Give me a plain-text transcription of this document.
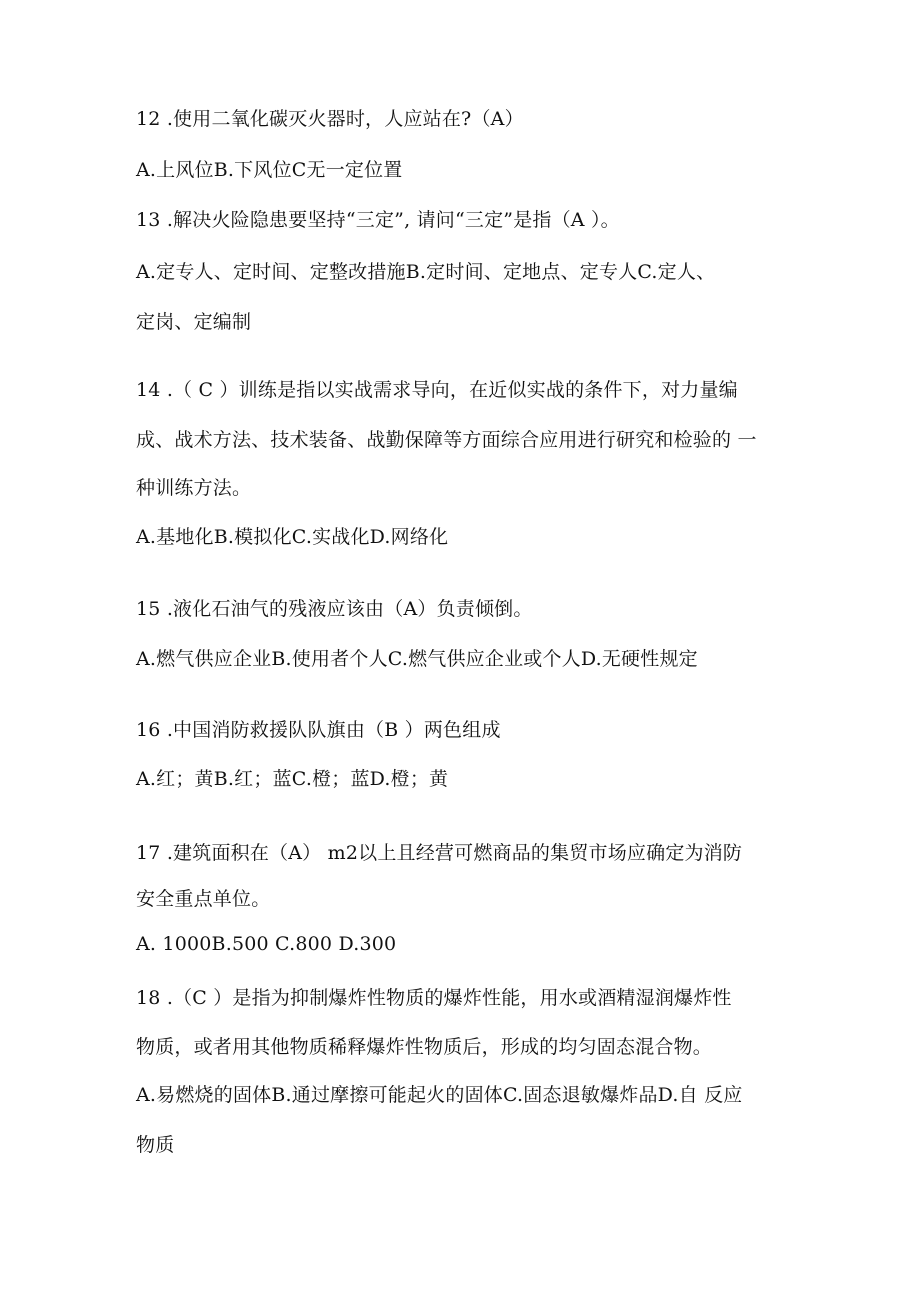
12 .使用二氧化碳灭火器时，人应站在?（A）
A.上风位B.下风位C无一定位置
13 .解决火险隐患要坚持“三定”, 请问“三定”是指（A ）。
A.定专人、定时间、定整改措施B.定时间、定地点、定专人C.定人、
定岗、定编制
14 .（ C ）训练是指以实战需求导向，在近似实战的条件下，对力量编
成、战术方法、技术装备、战勤保障等方面综合应用进行研究和检验的 一
种训练方法。
A.基地化B.模拟化C.实战化D.网络化
15 .液化石油气的残液应该由（A）负责倾倒。
A.燃气供应企业B.使用者个人C.燃气供应企业或个人D.无硬性规定
16 .中国消防救援队队旗由（B ）两色组成
A.红；黄B.红；蓝C.橙；蓝D.橙；黄
17 .建筑面积在（A） m2以上且经营可燃商品的集贸市场应确定为消防
安全重点单位。
A. 1000B.500 C.800 D.300
18 .（C ）是指为抑制爆炸性物质的爆炸性能，用水或酒精湿润爆炸性
物质，或者用其他物质稀释爆炸性物质后，形成的均匀固态混合物。
A.易燃烧的固体B.通过摩擦可能起火的固体C.固态退敏爆炸品D.自 反应
物质
